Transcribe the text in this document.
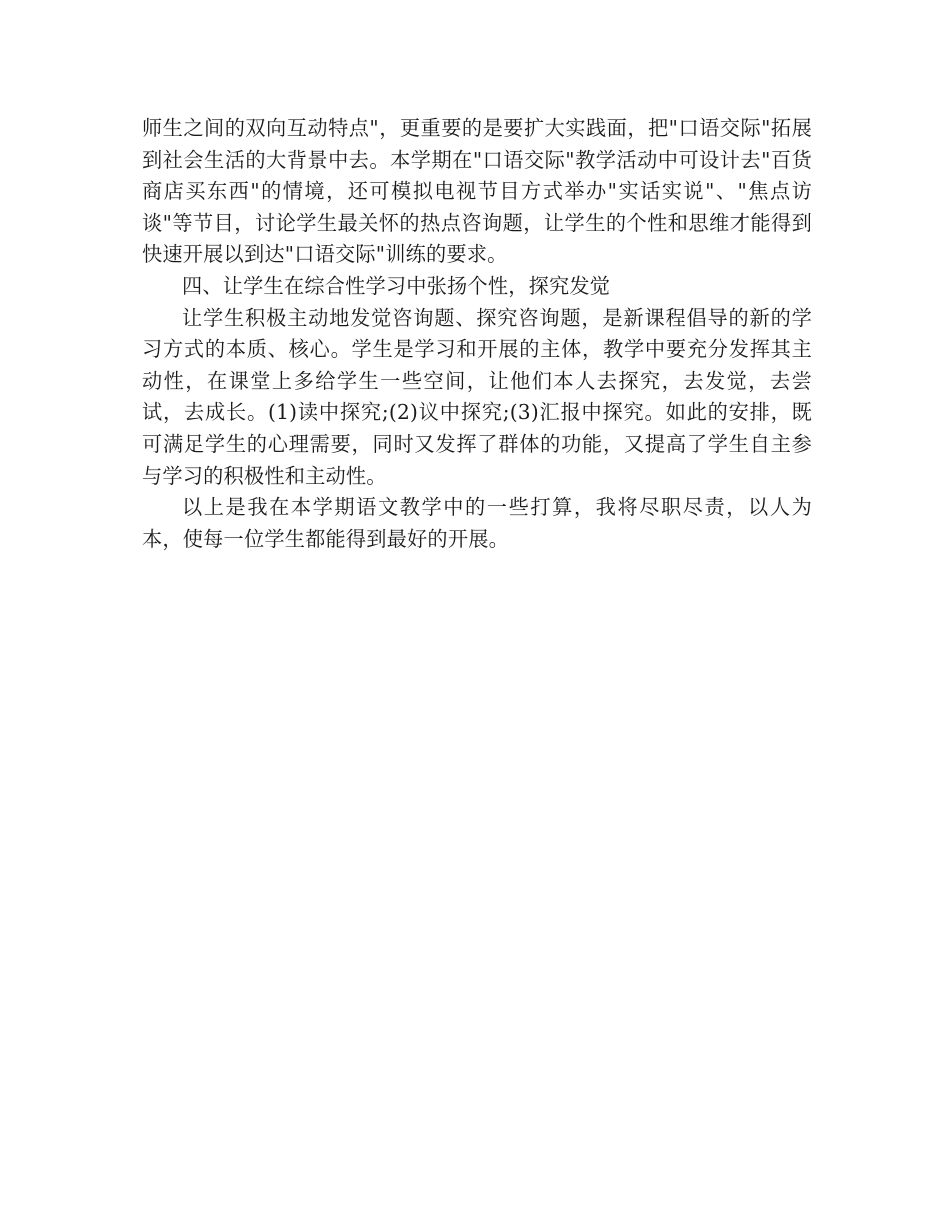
师生之间的双向互动特点"，更重要的是要扩大实践面，把"口语交际"拓展到社会生活的大背景中去。本学期在"口语交际"教学活动中可设计去"百货商店买东西"的情境，还可模拟电视节目方式举办"实话实说"、"焦点访谈"等节目，讨论学生最关怀的热点咨询题，让学生的个性和思维才能得到快速开展以到达"口语交际"训练的要求。

四、让学生在综合性学习中张扬个性，探究发觉

让学生积极主动地发觉咨询题、探究咨询题，是新课程倡导的新的学习方式的本质、核心。学生是学习和开展的主体，教学中要充分发挥其主动性，在课堂上多给学生一些空间，让他们本人去探究，去发觉，去尝试，去成长。(1)读中探究;(2)议中探究;(3)汇报中探究。如此的安排，既可满足学生的心理需要，同时又发挥了群体的功能，又提高了学生自主参与学习的积极性和主动性。

以上是我在本学期语文教学中的一些打算，我将尽职尽责，以人为本，使每一位学生都能得到最好的开展。
